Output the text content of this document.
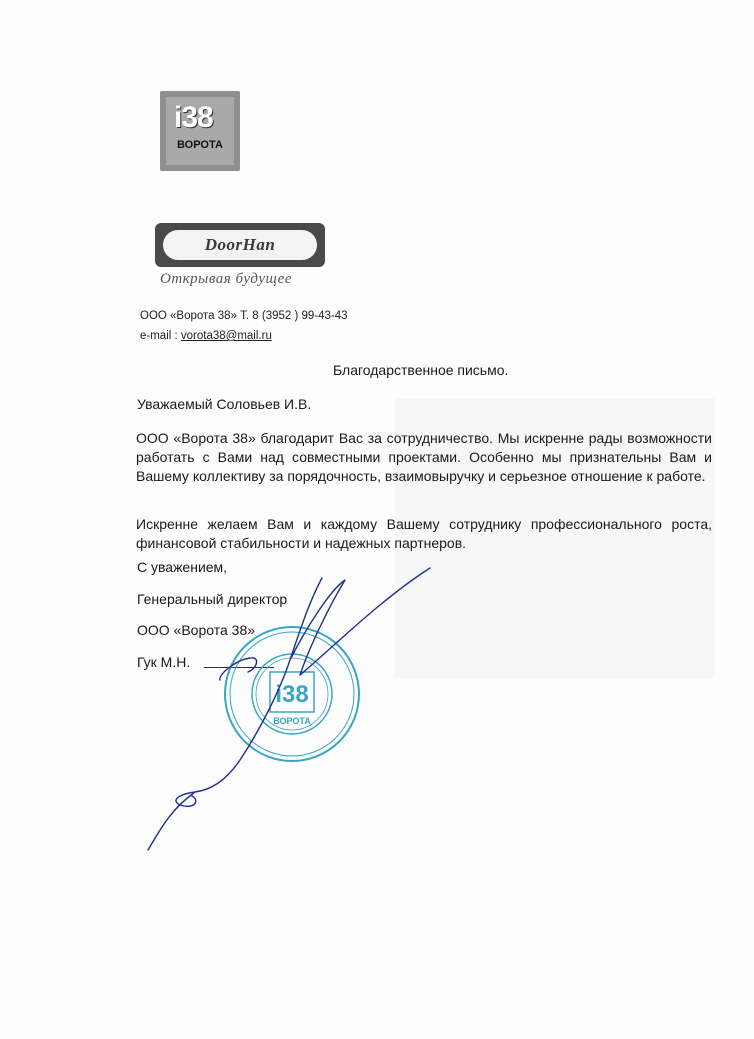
i38
ВОРОТА
DoorHan
Открывая будущее
ООО «Ворота 38» Т. 8 (3952 ) 99-43-43
e-mail : vorota38@mail.ru
Благодарственное письмо.
Уважаемый Соловьев И.В.
ООО «Ворота 38» благодарит Вас за сотрудничество. Мы искренне рады возможности работать с Вами над совместными проектами. Особенно мы признательны Вам и Вашему коллективу за порядочность, взаимовыручку и серьезное отношение к работе.
Искренне желаем Вам и каждому Вашему сотруднику профессионального роста, финансовой стабильности и надежных партнеров.
С уважением,
Генеральный директор
ООО «Ворота 38»
Гук М.Н.
i38
ВОРОТА
